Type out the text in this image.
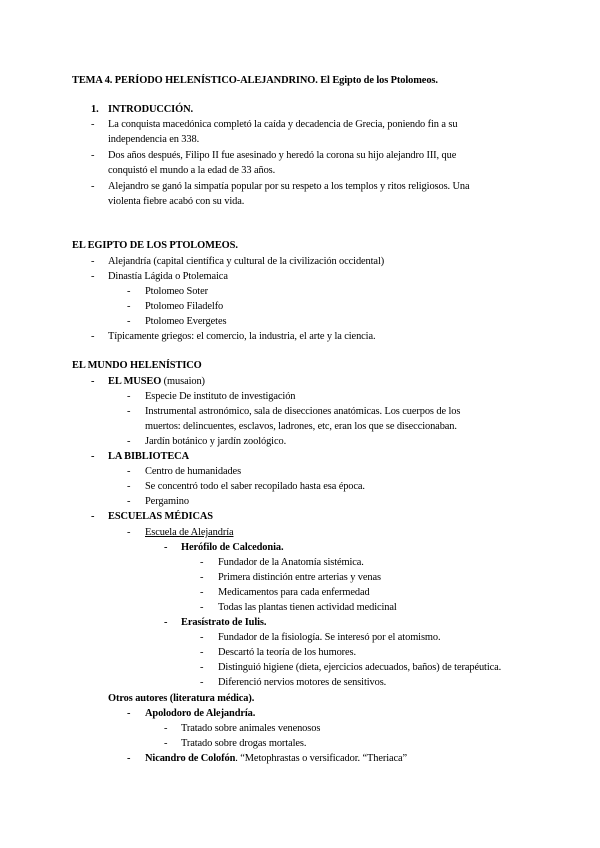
TEMA 4. PERÍODO HELENÍSTICO-ALEJANDRINO. El Egipto de los Ptolomeos.
1. INTRODUCCIÓN.
- La conquista macedónica completó la caída y decadencia de Grecia, poniendo fin a su
independencia en 338.
- Dos años después, Filipo II fue asesinado y heredó la corona su hijo alejandro III, que
conquistó el mundo a la edad de 33 años.
- Alejandro se ganó la simpatía popular por su respeto a los templos y ritos religiosos. Una
violenta fiebre acabó con su vida.
EL EGIPTO DE LOS PTOLOMEOS.
- Alejandría (capital científica y cultural de la civilización occidental)
- Dinastía Lágida o Ptolemaica
- Ptolomeo Soter
- Ptolomeo Filadelfo
- Ptolomeo Evergetes
- Típicamente griegos: el comercio, la industria, el arte y la ciencia.
EL MUNDO HELENÍSTICO
- EL MUSEO (musaion)
- Especie De instituto de investigación
- Instrumental astronómico, sala de disecciones anatómicas. Los cuerpos de los
muertos: delincuentes, esclavos, ladrones, etc, eran los que se diseccionaban.
- Jardín botánico y jardín zoológico.
- LA BIBLIOTECA
- Centro de humanidades
- Se concentró todo el saber recopilado hasta esa época.
- Pergamino
- ESCUELAS MÉDICAS
- Escuela de Alejandría
- Herófilo de Calcedonia.
- Fundador de la Anatomía sistémica.
- Primera distinción entre arterias y venas
- Medicamentos para cada enfermedad
- Todas las plantas tienen actividad medicinal
- Erasístrato de Iulis.
- Fundador de la fisiología. Se interesó por el atomismo.
- Descartó la teoría de los humores.
- Distinguió higiene (dieta, ejercicios adecuados, baños) de terapéutica.
- Diferenció nervios motores de sensitivos.
Otros autores (literatura médica).
- Apolodoro de Alejandría.
- Tratado sobre animales venenosos
- Tratado sobre drogas mortales.
- Nicandro de Colofón. “Metophrastas o versificador. “Theriaca”
